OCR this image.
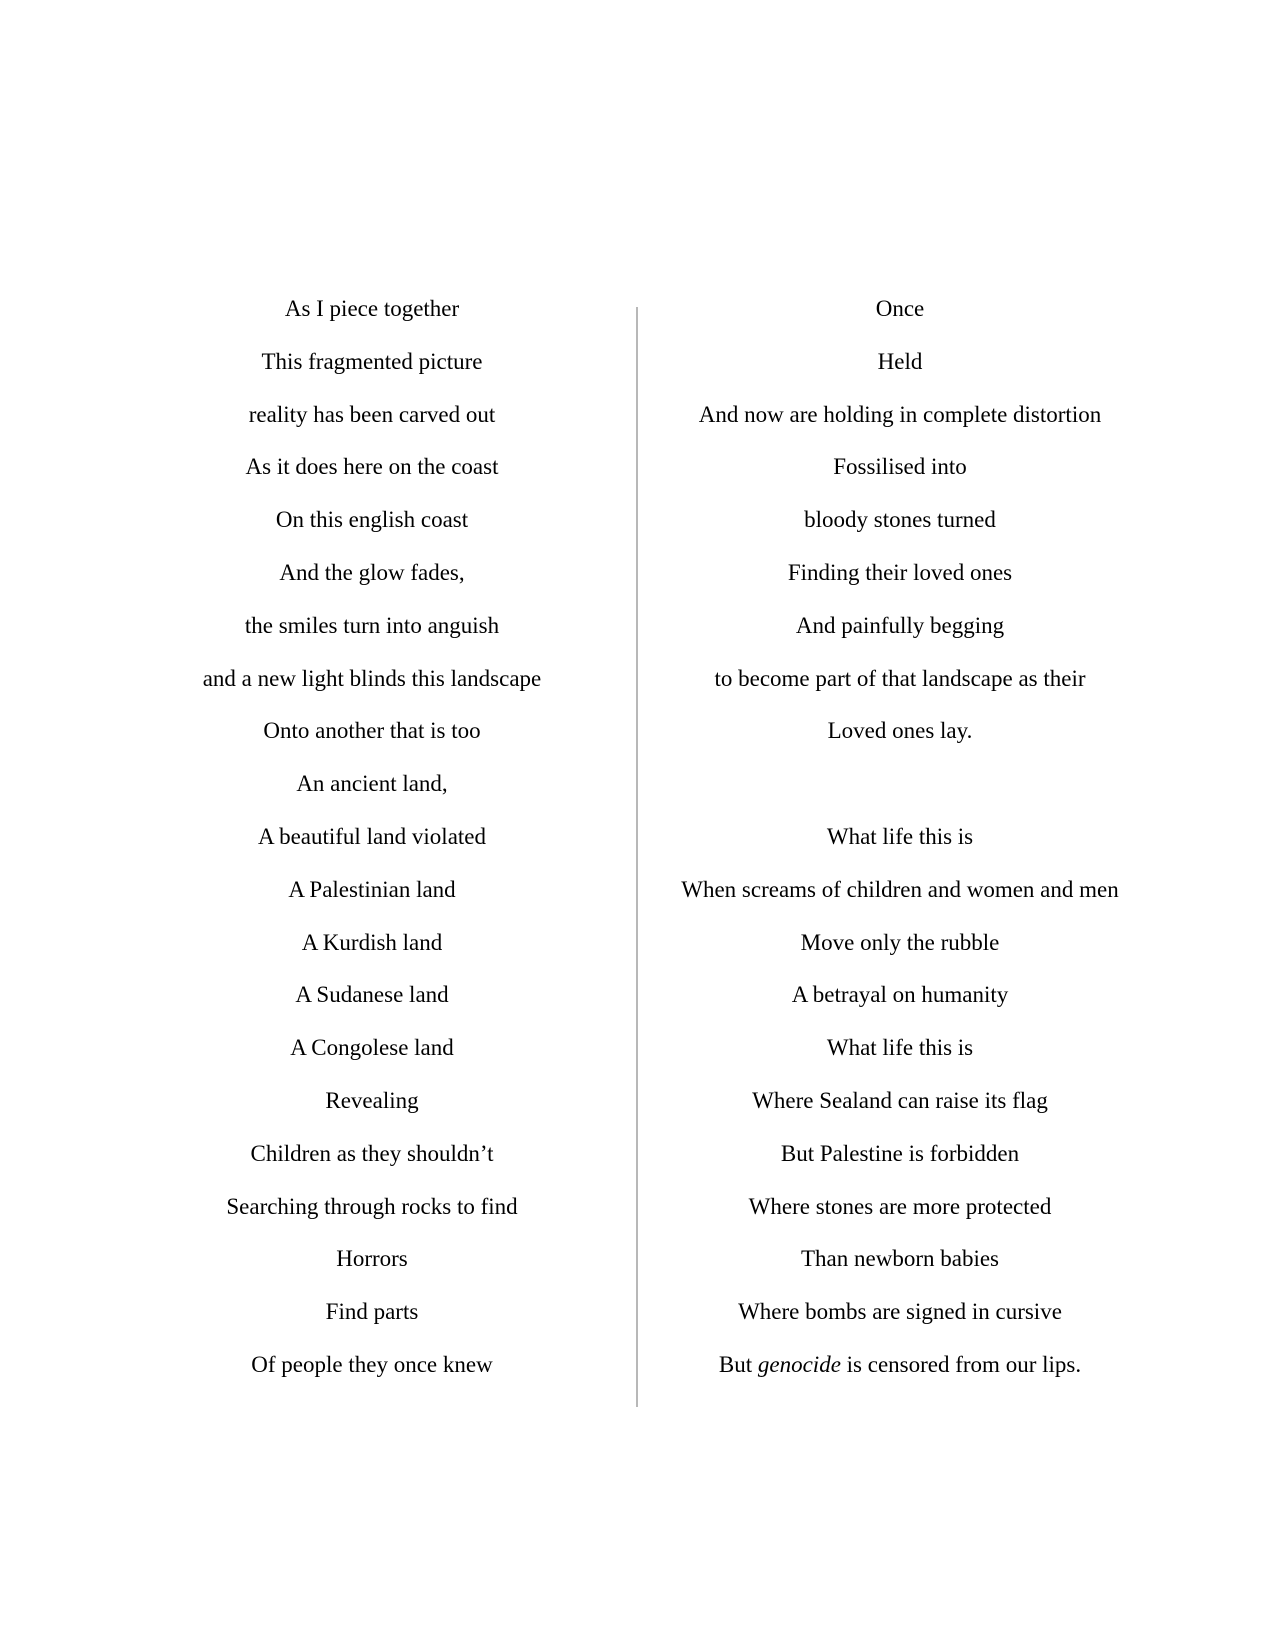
As I piece together
This fragmented picture
reality has been carved out
As it does here on the coast
On this english coast
And the glow fades,
the smiles turn into anguish
and a new light blinds this landscape
Onto another that is too
An ancient land,
A beautiful land violated
A Palestinian land
A Kurdish land
A Sudanese land
A Congolese land
Revealing
Children as they shouldn’t
Searching through rocks to find
Horrors
Find parts
Of people they once knew
Once
Held
And now are holding in complete distortion
Fossilised into
bloody stones turned
Finding their loved ones
And painfully begging
to become part of that landscape as their
Loved ones lay.
What life this is
When screams of children and women and men
Move only the rubble
A betrayal on humanity
What life this is
Where Sealand can raise its flag
But Palestine is forbidden
Where stones are more protected
Than newborn babies
Where bombs are signed in cursive
But genocide is censored from our lips.
